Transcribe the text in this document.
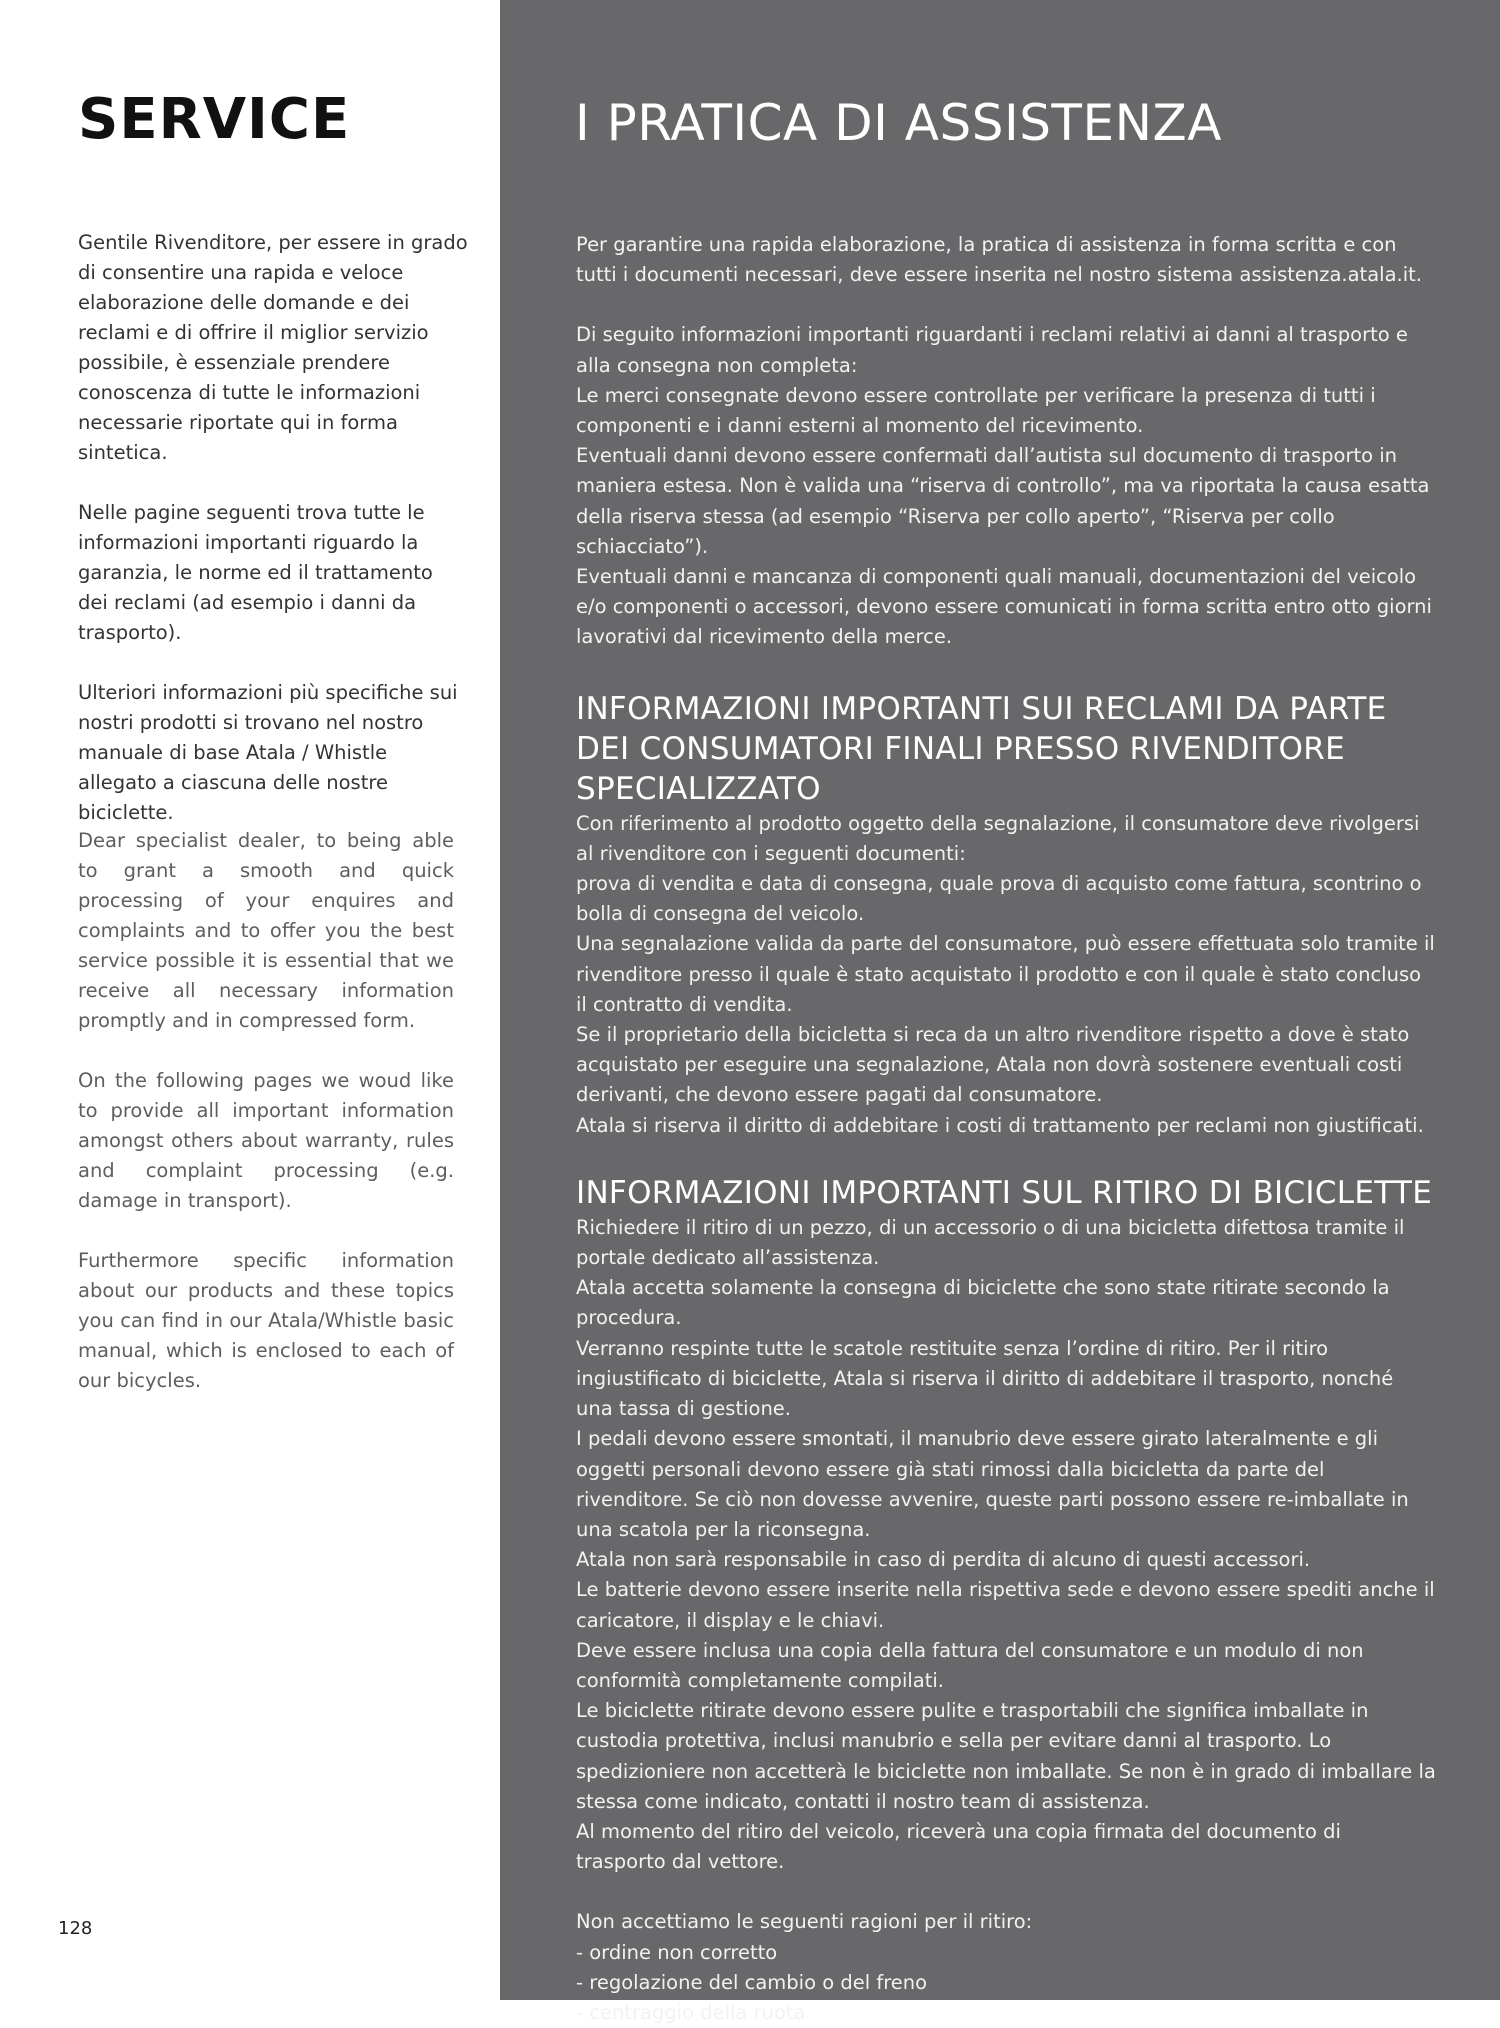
SERVICE

Gentile Rivenditore, per essere in grado di consentire una rapida e veloce elaborazione delle domande e dei reclami e di offrire il miglior servizio possibile, è essenziale prendere conoscenza di tutte le informazioni necessarie riportate qui in forma sintetica.

Nelle pagine seguenti trova tutte le informazioni importanti riguardo la garanzia, le norme ed il trattamento dei reclami (ad esempio i danni da trasporto).

Ulteriori informazioni più specifiche sui nostri prodotti si trovano nel nostro manuale di base Atala / Whistle allegato a ciascuna delle nostre biciclette.

Dear specialist dealer, to being able to grant a smooth and quick processing of your enquires and complaints and to offer you the best service possible it is essential that we receive all necessary information promptly and in compressed form.

On the following pages we woud like to provide all important information amongst others about warranty, rules and complaint processing (e.g. damage in transport).

Furthermore specific information about our products and these topics you can find in our Atala/Whistle basic manual, which is enclosed to each of our bicycles.

128
I PRATICA DI ASSISTENZA
Per garantire una rapida elaborazione, la pratica di assistenza in forma scritta e con tutti i documenti necessari, deve essere inserita nel nostro sistema assistenza.atala.it.
Di seguito informazioni importanti riguardanti i reclami relativi ai danni al trasporto e alla consegna non completa:
Le merci consegnate devono essere controllate per verificare la presenza di tutti i componenti e i danni esterni al momento del ricevimento.
Eventuali danni devono essere confermati dall’autista sul documento di trasporto in maniera estesa. Non è valida una “riserva di controllo”, ma va riportata la causa esatta della riserva stessa (ad esempio “Riserva per collo aperto”, “Riserva per collo schiacciato”).
Eventuali danni e mancanza di componenti quali manuali, documentazioni del veicolo e/o componenti o accessori, devono essere comunicati in forma scritta entro otto giorni lavorativi dal ricevimento della merce.
INFORMAZIONI IMPORTANTI SUI RECLAMI DA PARTE DEI CONSUMATORI FINALI PRESSO RIVENDITORE SPECIALIZZATO
Con riferimento al prodotto oggetto della segnalazione, il consumatore deve rivolgersi al rivenditore con i seguenti documenti:
prova di vendita e data di consegna, quale prova di acquisto come fattura, scontrino o bolla di consegna del veicolo.
Una segnalazione valida da parte del consumatore, può essere effettuata solo tramite il rivenditore presso il quale è stato acquistato il prodotto e con il quale è stato concluso il contratto di vendita.
Se il proprietario della bicicletta si reca da un altro rivenditore rispetto a dove è stato acquistato per eseguire una segnalazione, Atala non dovrà sostenere eventuali costi derivanti, che devono essere pagati dal consumatore.
Atala si riserva il diritto di addebitare i costi di trattamento per reclami non giustificati.
INFORMAZIONI IMPORTANTI SUL RITIRO DI BICICLETTE
Richiedere il ritiro di un pezzo, di un accessorio o di una bicicletta difettosa tramite il portale dedicato all’assistenza.
Atala accetta solamente la consegna di biciclette che sono state ritirate secondo la procedura.
Verranno respinte tutte le scatole restituite senza l’ordine di ritiro. Per il ritiro ingiustificato di biciclette, Atala si riserva il diritto di addebitare il trasporto, nonché una tassa di gestione.
I pedali devono essere smontati, il manubrio deve essere girato lateralmente e gli oggetti personali devono essere già stati rimossi dalla bicicletta da parte del rivenditore. Se ciò non dovesse avvenire, queste parti possono essere re-imballate in una scatola per la riconsegna.
Atala non sarà responsabile in caso di perdita di alcuno di questi accessori.
Le batterie devono essere inserite nella rispettiva sede e devono essere spediti anche il caricatore, il display e le chiavi.
Deve essere inclusa una copia della fattura del consumatore e un modulo di non conformità completamente compilati.
Le biciclette ritirate devono essere pulite e trasportabili che significa imballate in custodia protettiva, inclusi manubrio e sella per evitare danni al trasporto. Lo spedizioniere non accetterà le biciclette non imballate. Se non è in grado di imballare la stessa come indicato, contatti il nostro team di assistenza.
Al momento del ritiro del veicolo, riceverà una copia firmata del documento di trasporto dal vettore.
Non accettiamo le seguenti ragioni per il ritiro:
- ordine non corretto
- regolazione del cambio o del freno
- centraggio della ruota
